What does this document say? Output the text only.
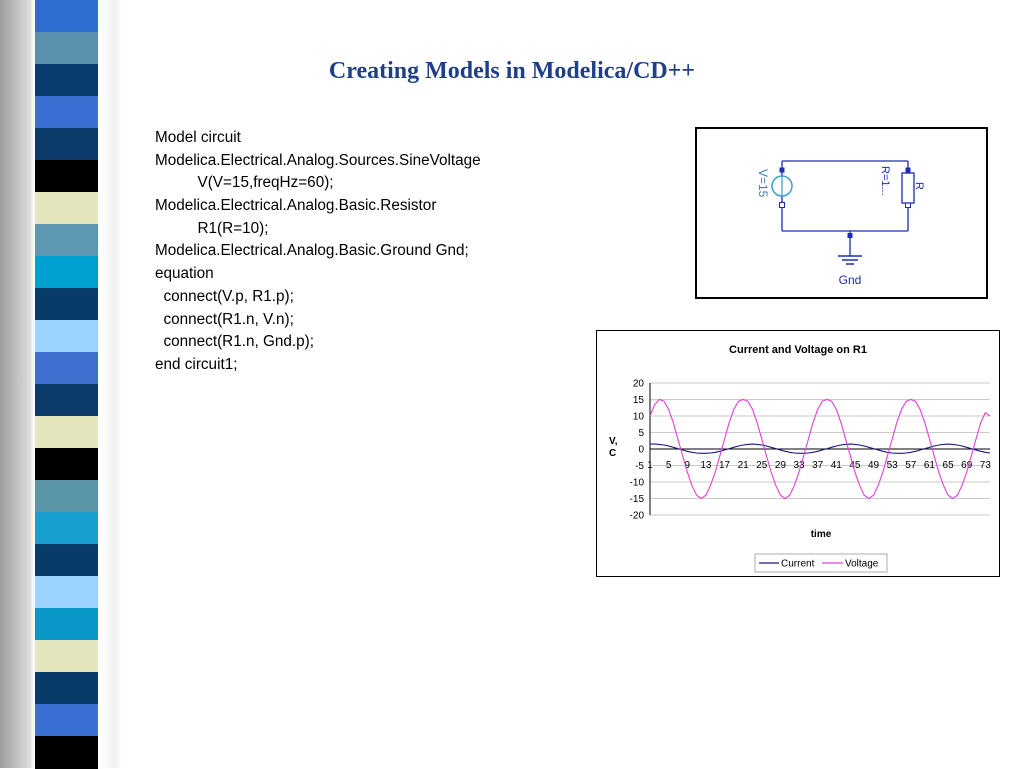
Creating Models in Modelica/CD++
Model circuit
Modelica.Electrical.Analog.Sources.SineVoltage
V(V=15,freqHz=60);
Modelica.Electrical.Analog.Basic.Resistor
R1(R=10);
Modelica.Electrical.Analog.Basic.Ground Gnd;
equation
connect(V.p, R1.p);
connect(R1.n, V.n);
connect(R1.n, Gnd.p);
end circuit1;
V=15	R
R=1...
Gnd
Current and Voltage on R1
20
15
10
5
0
-5
-10
-15
-20
1 5 9 13 17 21 25 29 33 37 41 45 49 53 57 61 65 69 73
time
V, C
Current	Voltage
